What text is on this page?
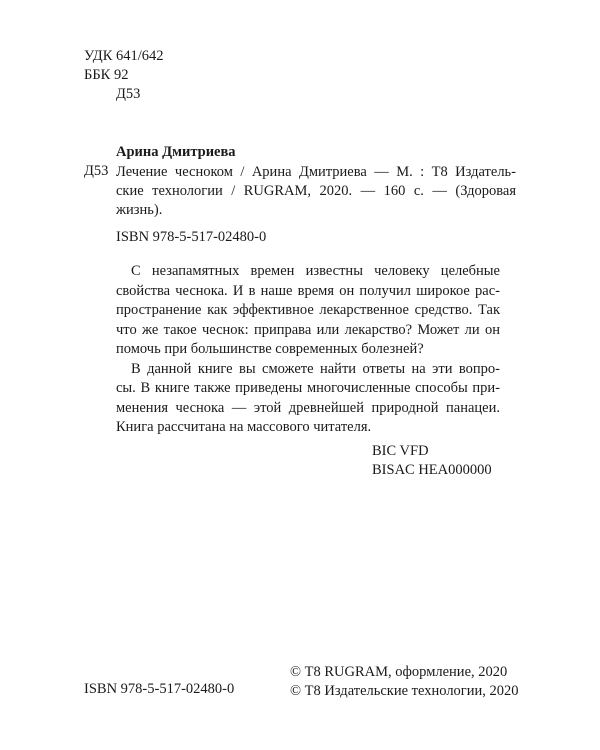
УДК 641/642
ББК 92
Д53
Арина Дмитриева
Д53 Лечение чесноком / Арина Дмитриева — М. : Т8 Издатель-
ские технологии / RUGRAM, 2020. — 160 с. — (Здоровая жизнь).
ISBN 978-5-517-02480-0

С незапамятных времен известны человеку целебные
свойства чеснока. И в наше время он получил широкое рас-
пространение как эффективное лекарственное средство. Так
что же такое чеснок: приправа или лекарство? Может ли он
помочь при большинстве современных болезней?

В данной книге вы сможете найти ответы на эти вопро-
сы. В книге также приведены многочисленные способы при-
менения чеснока — этой древнейшей природной панацеи.
Книга рассчитана на массового читателя.

BIC VFD
BISAC HEA000000
© Т8 RUGRAM, оформление, 2020
© Т8 Издательские технологии, 2020
ISBN 978-5-517-02480-0
